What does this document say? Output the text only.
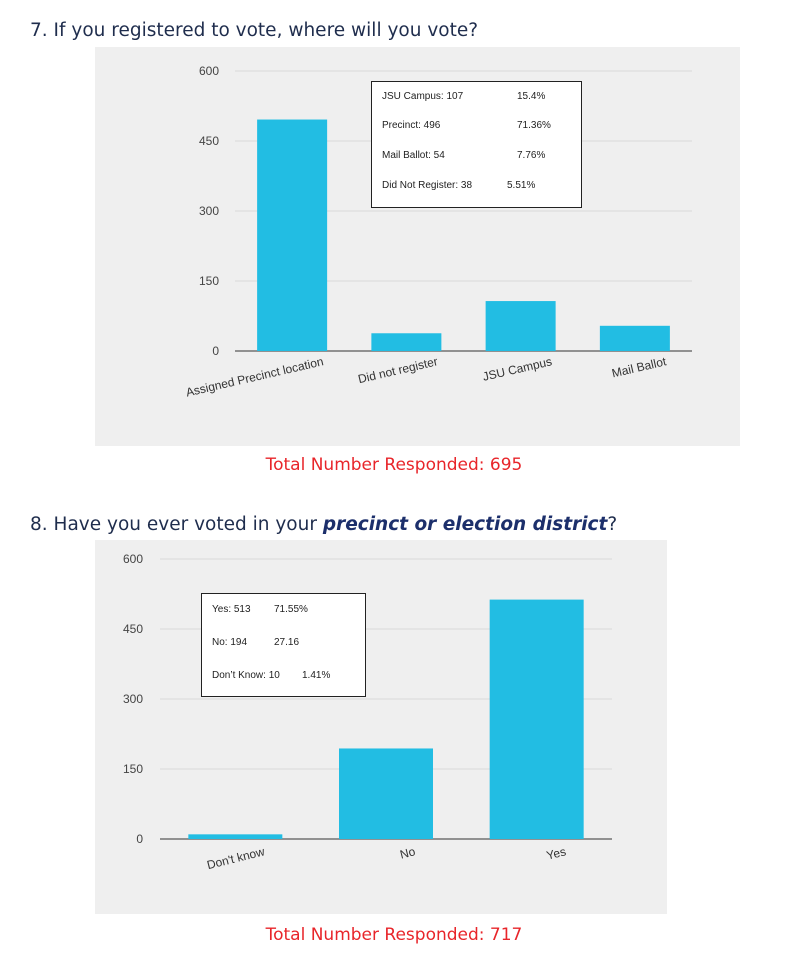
7. If you registered to vote, where will you vote?
0
150
300
450
600
Assigned Precinct location	Did not register	JSU Campus	Mail Ballot
JSU Campus: 107	15.4%
Precinct: 496	71.36%
Mail Ballot: 54	7.76%
Did Not Register: 38	5.51%
Total Number Responded: 695
8. Have you ever voted in your precinct or election district?
0
150
300
450
600
Don't know	No	Yes
Yes: 513 71.55%
No: 194	27.16
Don’t Know: 10 1.41%
Total Number Responded: 717
